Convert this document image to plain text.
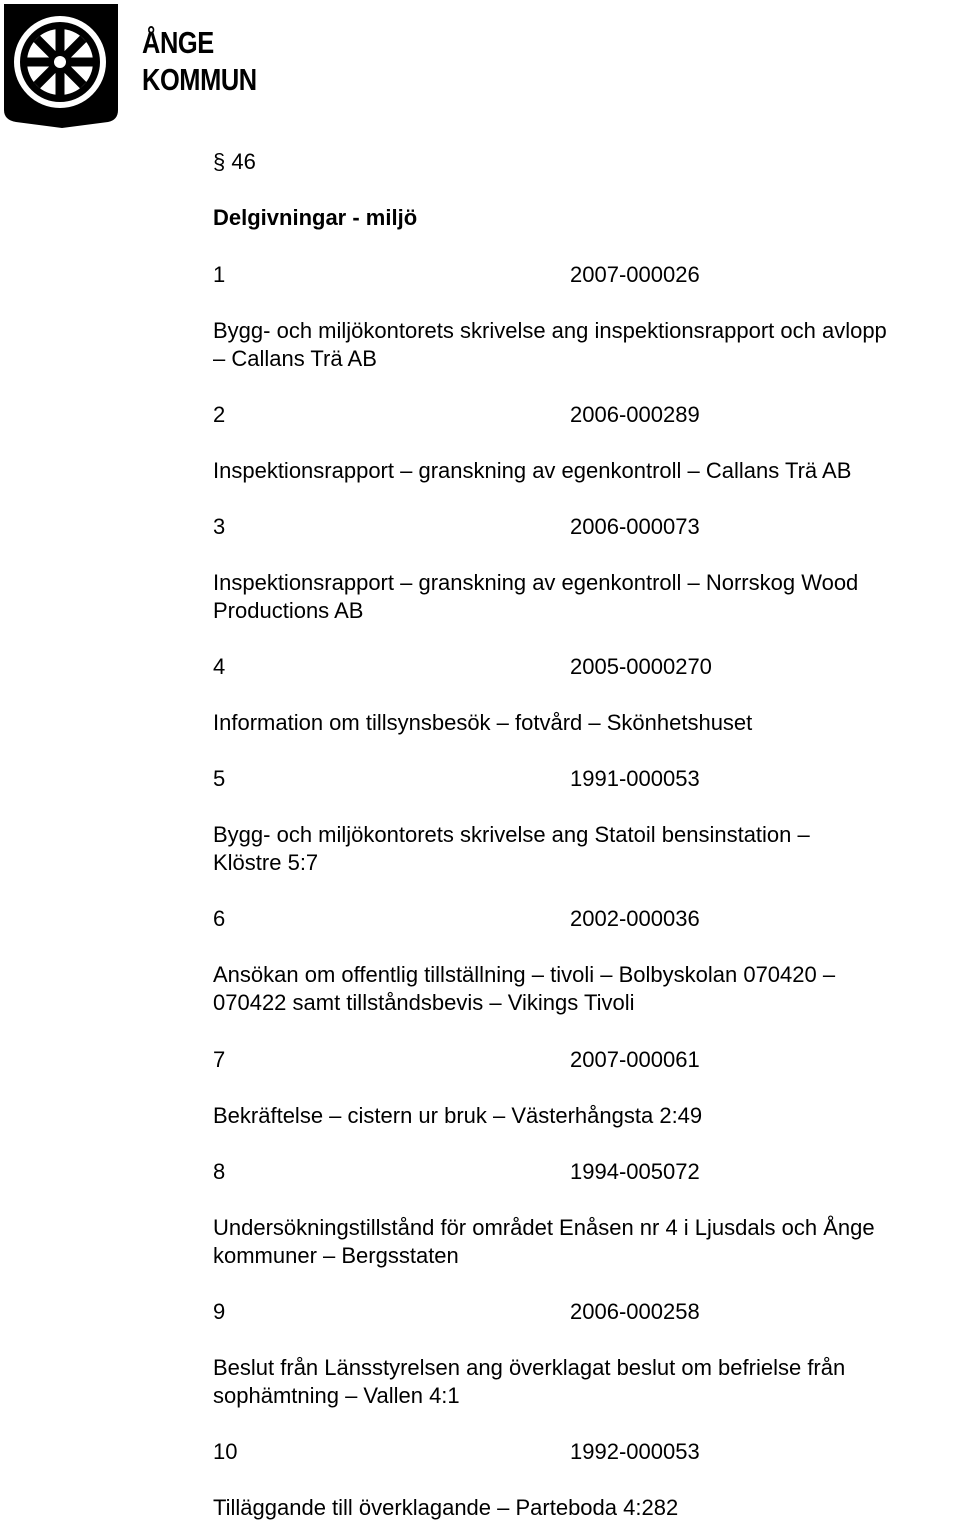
ÅNGE
KOMMUN

§ 46

Delgivningar - miljö

1	2007-000026

Bygg- och miljökontorets skrivelse ang inspektionsrapport och avlopp

– Callans Trä AB

2	2006-000289

Inspektionsrapport – granskning av egenkontroll – Callans Trä AB

3	2006-000073

Inspektionsrapport – granskning av egenkontroll – Norrskog Wood

Productions AB

4	2005-0000270

Information om tillsynsbesök – fotvård – Skönhetshuset

5	1991-000053

Bygg- och miljökontorets skrivelse ang Statoil bensinstation –

Klöstre 5:7

6	2002-000036

Ansökan om offentlig tillställning – tivoli – Bolbyskolan 070420 –

070422 samt tillståndsbevis – Vikings Tivoli

7	2007-000061

Bekräftelse – cistern ur bruk – Västerhångsta 2:49

8	1994-005072

Undersökningstillstånd för området Enåsen nr 4 i Ljusdals och Ånge

kommuner – Bergsstaten

9	2006-000258

Beslut från Länsstyrelsen ang överklagat beslut om befrielse från

sophämtning – Vallen 4:1

10	1992-000053

Tilläggande till överklagande – Parteboda 4:282
